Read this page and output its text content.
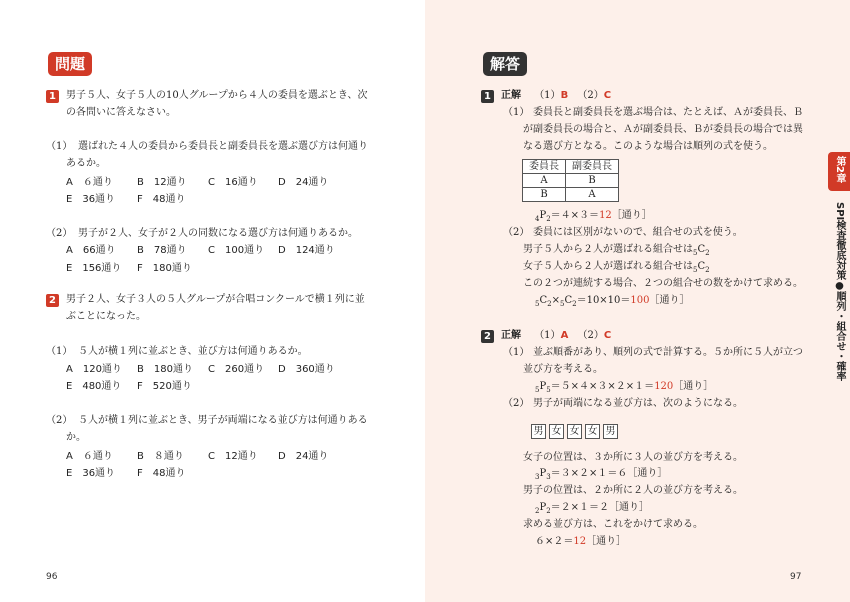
問題
1	男子５人、女子５人の10人グループから４人の委員を選ぶとき、次
の各問いに答えなさい。
（1） 選ばれた４人の委員から委員長と副委員長を選ぶ選び方は何通り
あるか。
A　 ６通り B　 12通り C　 16通り D　 24通り
E　 36通り F　 48通り
（2） 男子が２人、女子が２人の同数になる選び方は何通りあるか。
A　 66通り B　 78通り C　 100通り D　 124通り
E　 156通り F　 180通り
2	男子２人、女子３人の５人グループが合唱コンクールで横１列に並
ぶことになった。
（1） ５人が横１列に並ぶとき、並び方は何通りあるか。
A　 120通り B　 180通り C　 260通り D　 360通り
E　 480通り F　 520通り
（2） ５人が横１列に並ぶとき、男子が両端になる並び方は何通りある
か。
A　 ６通り B　 ８通り C　 12通り D　 24通り
E　 36通り F　 48通り
96
解答
1	正解 （1）B （2）C
（1） 委員長と副委員長を選ぶ場合は、たとえば、Ａが委員長、Ｂ
が副委員長の場合と、Ａが副委員長、Ｂが委員長の場合では異
なる選び方となる。このような場合は順列の式を使う。
委員長	副委員長
A	B
B	A
$_4P_2=4\times 3=12[$通り］
（2） 委員には区別がないので、組合せの式を使う。
男子５人から２人が選ばれる組合せは$_5C_2$
女子５人から２人が選ばれる組合せは$_5C_2$
この２つが連続する場合、２つの組合せの数をかけて求める。
$_5C_2\times_5C_2=10\times 10=100[$通り］
2	正解 （1）A （2）C
（1） 並ぶ順番があり、順列の式で計算する。５か所に５人が立つ
並び方を考える。
$_5P_5=5\times 4\times 3\times 2\times 1=120[$通り］
（2） 男子が両端になる並び方は、次のようになる。
男 女 女 女 男
女子の位置は、３か所に３人の並び方を考える。
$_3P_3=3\times 2\times 1=6[$通り］
男子の位置は、２か所に２人の並び方を考える。
$_2P_2=2\times 1=2[$通り］
求める並び方は、これをかけて求める。
６×２＝12［通り］
97
第2章
SPI検査徹底対策●順列・組合せ・確率
